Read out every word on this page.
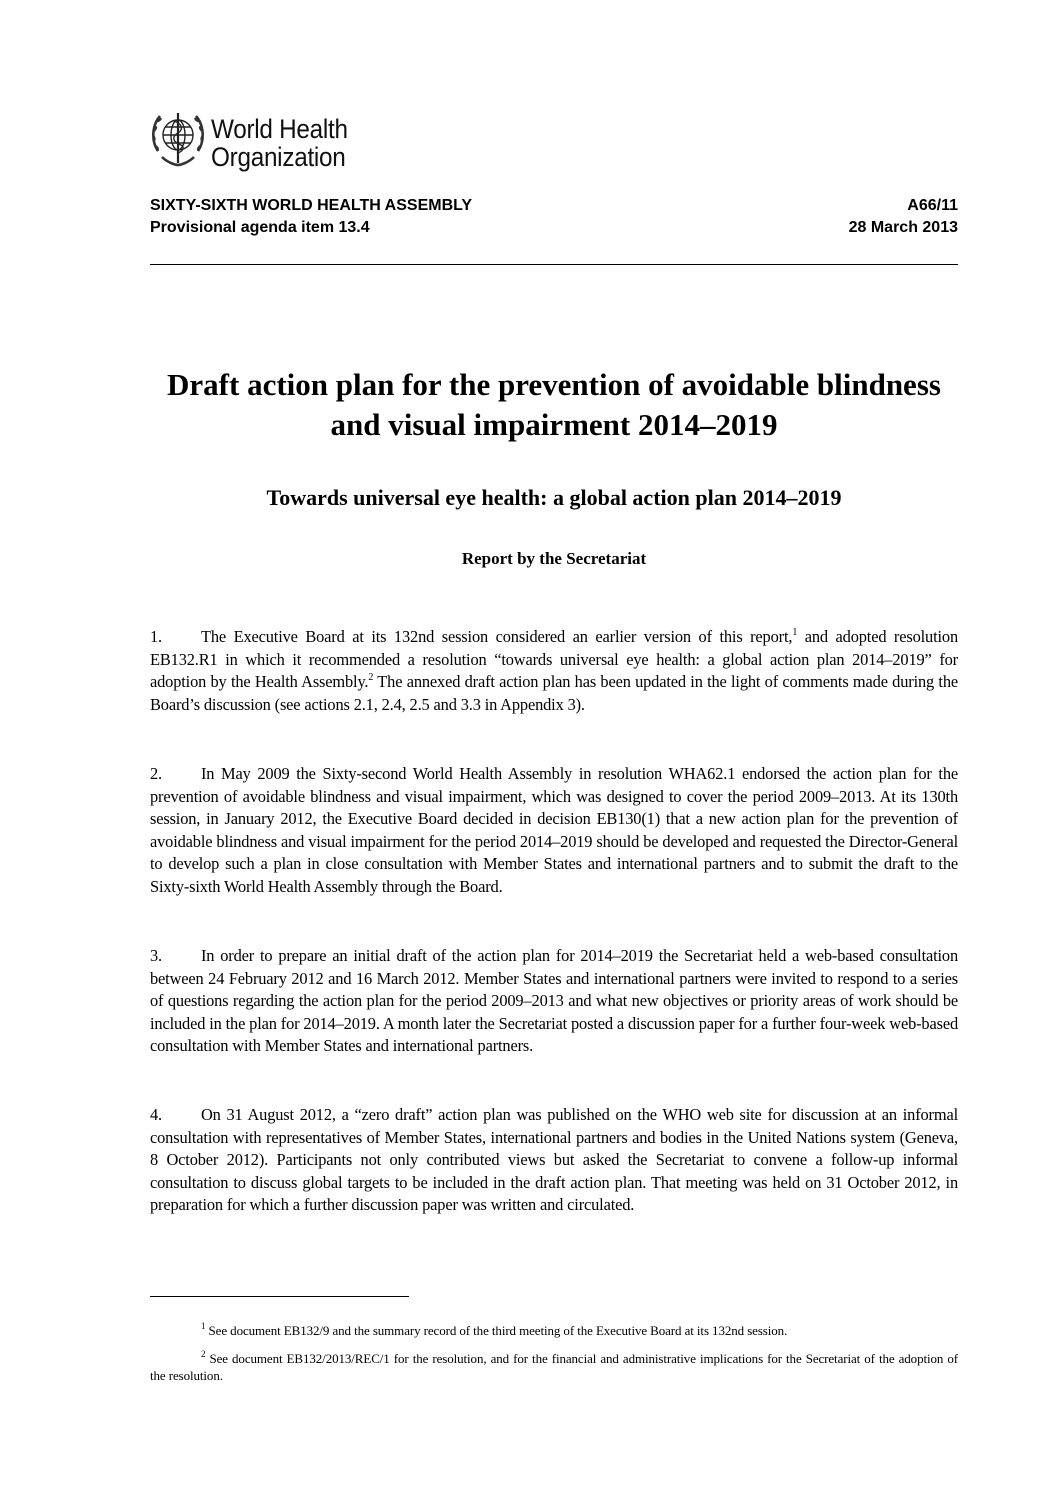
World Health
Organization
SIXTY-SIXTH WORLD HEALTH ASSEMBLY
Provisional agenda item 13.4
A66/11
28 March 2013
Draft action plan for the prevention of avoidable blindness and visual impairment 2014–2019
Towards universal eye health: a global action plan 2014–2019
Report by the Secretariat
1. The Executive Board at its 132nd session considered an earlier version of this report,$^1$ and adopted resolution EB132.R1 in which it recommended a resolution “towards universal eye health: a global action plan 2014–2019” for adoption by the Health Assembly.$^2$ The annexed draft action plan has been updated in the light of comments made during the Board’s discussion (see actions 2.1, 2.4, 2.5 and 3.3 in Appendix 3).
2. In May 2009 the Sixty-second World Health Assembly in resolution WHA62.1 endorsed the action plan for the prevention of avoidable blindness and visual impairment, which was designed to cover the period 2009–2013. At its 130th session, in January 2012, the Executive Board decided in decision EB130(1) that a new action plan for the prevention of avoidable blindness and visual impairment for the period 2014–2019 should be developed and requested the Director-General to develop such a plan in close consultation with Member States and international partners and to submit the draft to the Sixty-sixth World Health Assembly through the Board.
3. In order to prepare an initial draft of the action plan for 2014–2019 the Secretariat held a web-based consultation between 24 February 2012 and 16 March 2012. Member States and international partners were invited to respond to a series of questions regarding the action plan for the period 2009–2013 and what new objectives or priority areas of work should be included in the plan for 2014–2019. A month later the Secretariat posted a discussion paper for a further four-week web-based consultation with Member States and international partners.
4. On 31 August 2012, a “zero draft” action plan was published on the WHO web site for discussion at an informal consultation with representatives of Member States, international partners and bodies in the United Nations system (Geneva, 8 October 2012). Participants not only contributed views but asked the Secretariat to convene a follow-up informal consultation to discuss global targets to be included in the draft action plan. That meeting was held on 31 October 2012, in preparation for which a further discussion paper was written and circulated.
$^1$ See document EB132/9 and the summary record of the third meeting of the Executive Board at its 132nd session.
$^2$ See document EB132/2013/REC/1 for the resolution, and for the financial and administrative implications for the Secretariat of the adoption of the resolution.
